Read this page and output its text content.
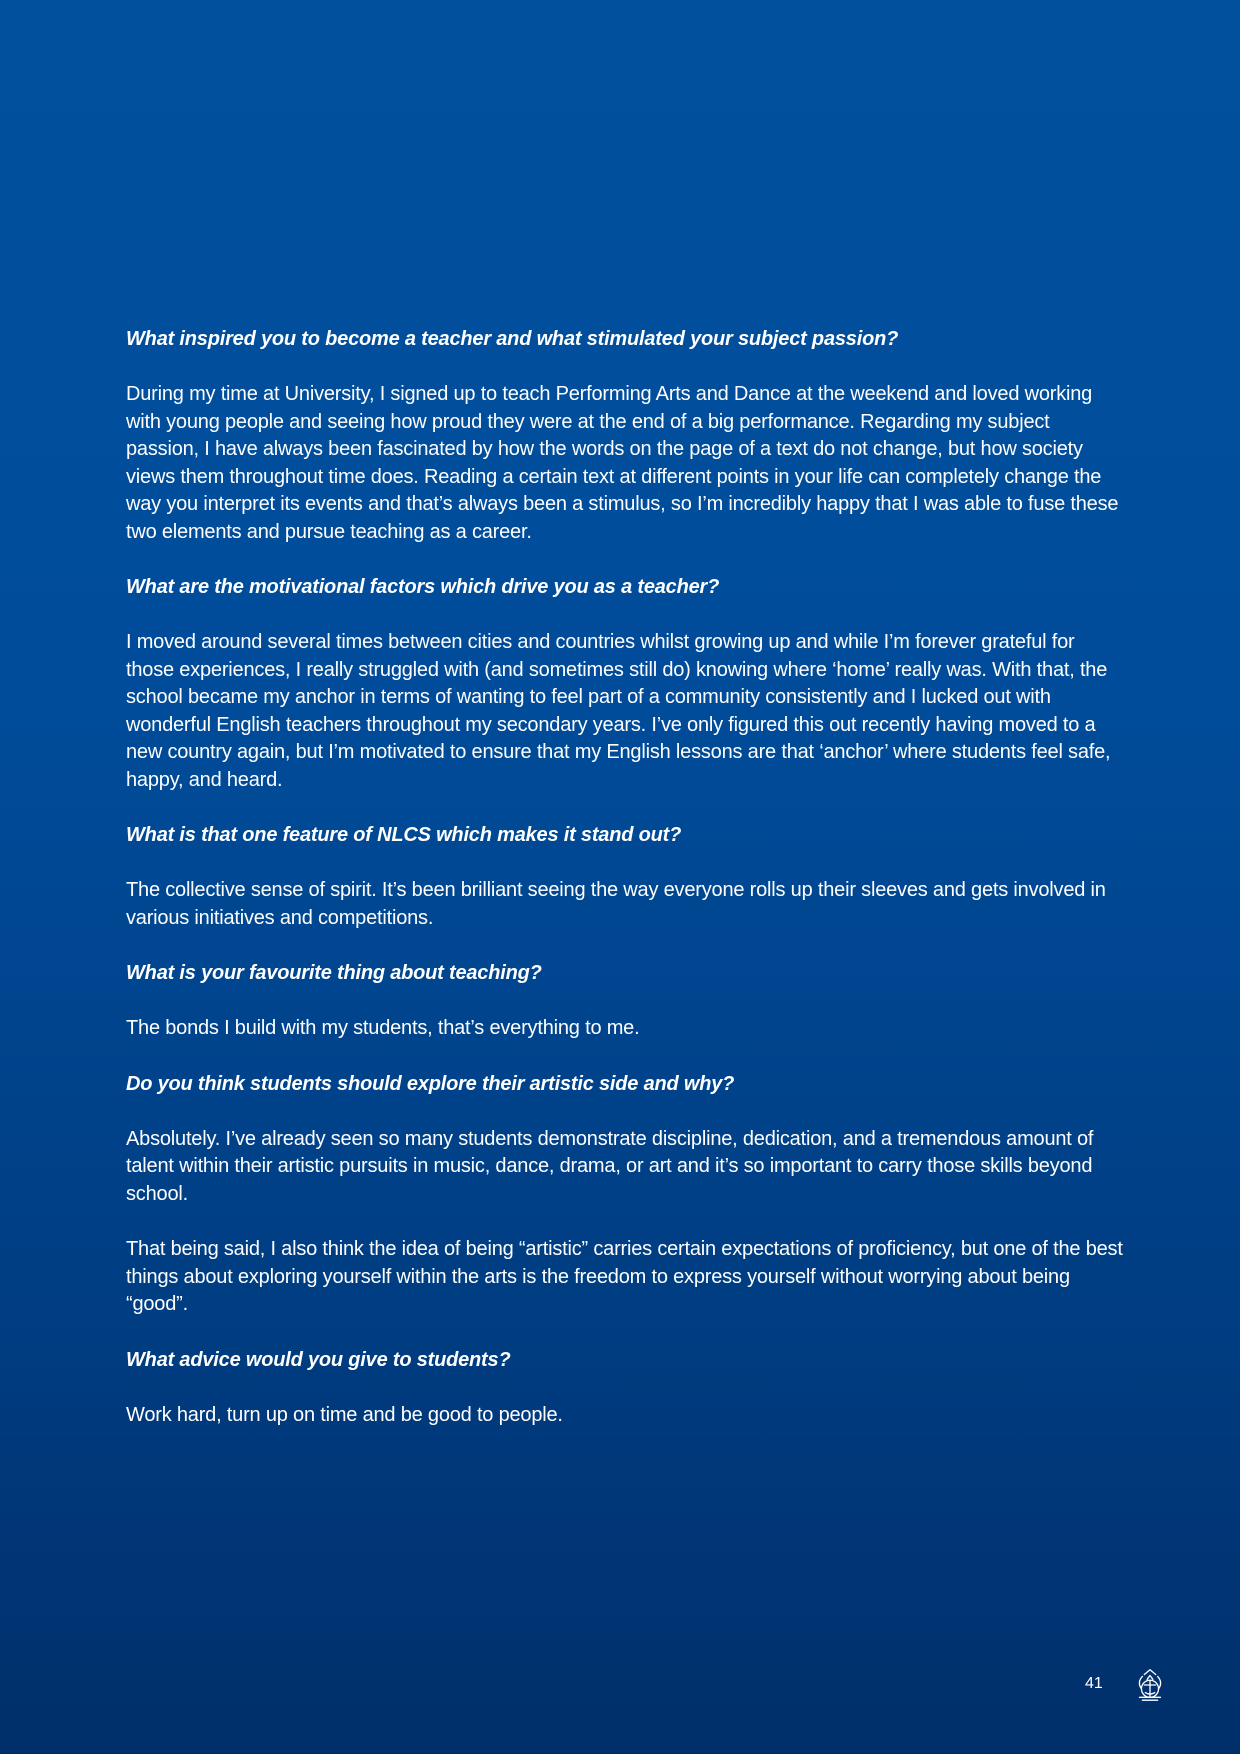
What inspired you to become a teacher and what stimulated your subject passion?

During my time at University, I signed up to teach Performing Arts and Dance at the weekend and loved working with young people and seeing how proud they were at the end of a big performance. Regarding my subject passion, I have always been fascinated by how the words on the page of a text do not change, but how society views them throughout time does. Reading a certain text at different points in your life can completely change the way you interpret its events and that’s always been a stimulus, so I’m incredibly happy that I was able to fuse these two elements and pursue teaching as a career.

What are the motivational factors which drive you as a teacher?

I moved around several times between cities and countries whilst growing up and while I’m forever grateful for those experiences, I really struggled with (and sometimes still do) knowing where ‘home’ really was. With that, the school became my anchor in terms of wanting to feel part of a community consistently and I lucked out with wonderful English teachers throughout my secondary years. I’ve only figured this out recently having moved to a new country again, but I’m motivated to ensure that my English lessons are that ‘anchor’ where students feel safe, happy, and heard.

What is that one feature of NLCS which makes it stand out?

The collective sense of spirit. It’s been brilliant seeing the way everyone rolls up their sleeves and gets involved in various initiatives and competitions.

What is your favourite thing about teaching?

The bonds I build with my students, that’s everything to me.

Do you think students should explore their artistic side and why?

Absolutely. I’ve already seen so many students demonstrate discipline, dedication, and a tremendous amount of talent within their artistic pursuits in music, dance, drama, or art and it’s so important to carry those skills beyond school.

That being said, I also think the idea of being “artistic” carries certain expectations of proficiency, but one of the best things about exploring yourself within the arts is the freedom to express yourself without worrying about being “good”.

What advice would you give to students?

Work hard, turn up on time and be good to people.

41
